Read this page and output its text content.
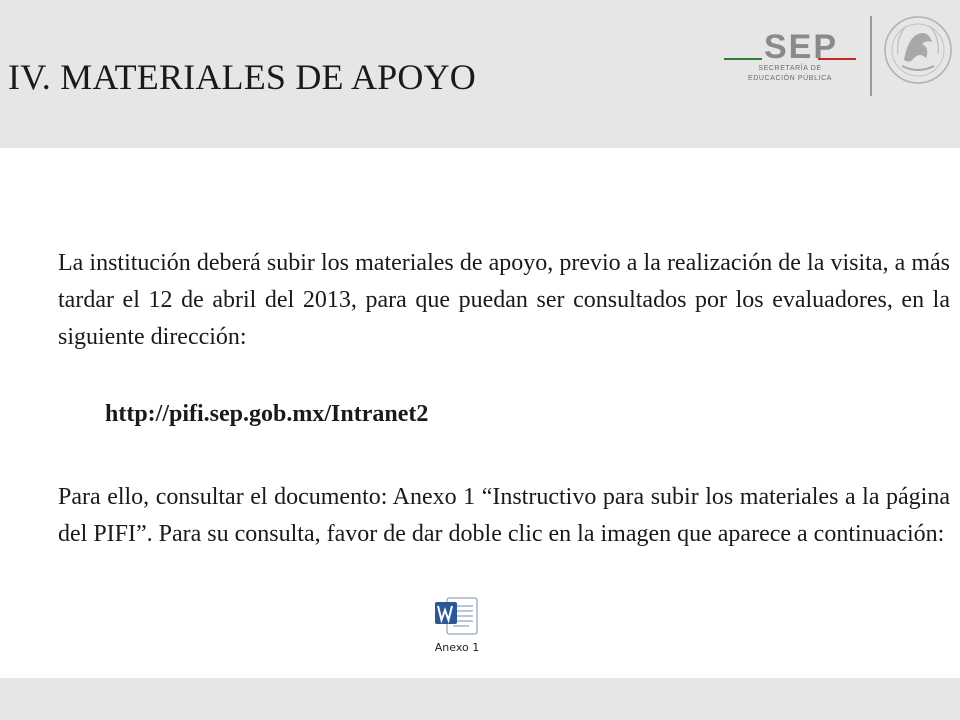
IV. MATERIALES DE APOYO
SEP
SECRETARÍA DE
EDUCACIÓN PÚBLICA
La institución deberá subir los materiales de apoyo, previo a la realización de la visita, a más tardar el 12 de abril del 2013, para que puedan ser consultados por los evaluadores, en la siguiente dirección:
http://pifi.sep.gob.mx/Intranet2
Para ello, consultar el documento: Anexo 1 “Instructivo para subir los materiales a la página del PIFI”. Para su consulta, favor de dar doble clic en la imagen que aparece a continuación:
Anexo 1
